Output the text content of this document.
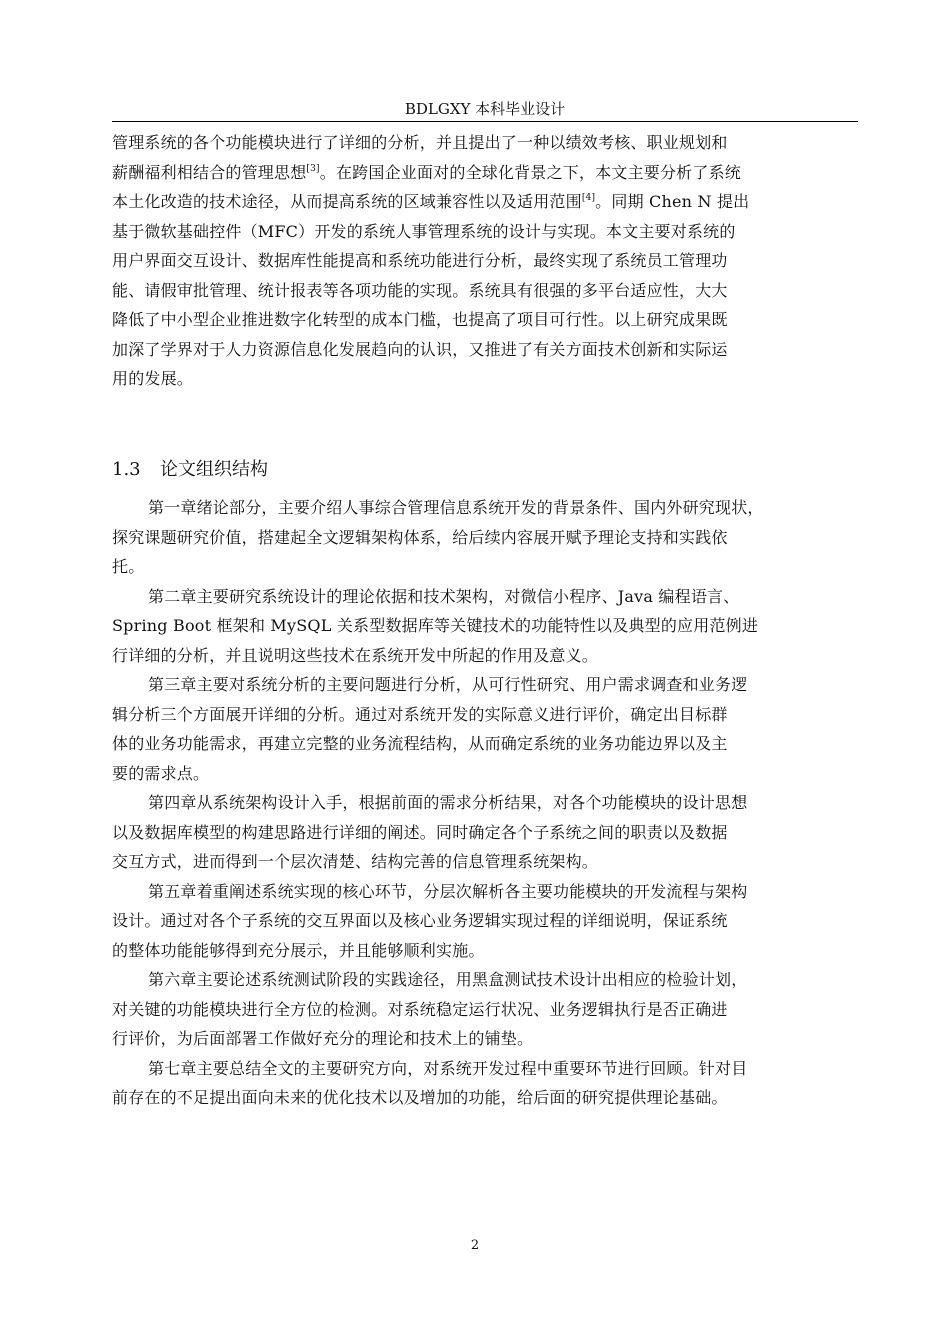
BDLGXY 本科毕业设计
管理系统的各个功能模块进行了详细的分析，并且提出了一种以绩效考核、职业规划和
薪酬福利相结合的管理思想[3]。在跨国企业面对的全球化背景之下，本文主要分析了系统
本土化改造的技术途径，从而提高系统的区域兼容性以及适用范围[4]。同期 Chen N 提出
基于微软基础控件（MFC）开发的系统人事管理系统的设计与实现。本文主要对系统的
用户界面交互设计、数据库性能提高和系统功能进行分析，最终实现了系统员工管理功
能、请假审批管理、统计报表等各项功能的实现。系统具有很强的多平台适应性，大大
降低了中小型企业推进数字化转型的成本门槛，也提高了项目可行性。以上研究成果既
加深了学界对于人力资源信息化发展趋向的认识，又推进了有关方面技术创新和实际运
用的发展。
1.3 论文组织结构
第一章绪论部分，主要介绍人事综合管理信息系统开发的背景条件、国内外研究现状，
探究课题研究价值，搭建起全文逻辑架构体系，给后续内容展开赋予理论支持和实践依
托。
第二章主要研究系统设计的理论依据和技术架构，对微信小程序、Java 编程语言、
Spring Boot 框架和 MySQL 关系型数据库等关键技术的功能特性以及典型的应用范例进
行详细的分析，并且说明这些技术在系统开发中所起的作用及意义。
第三章主要对系统分析的主要问题进行分析，从可行性研究、用户需求调查和业务逻
辑分析三个方面展开详细的分析。通过对系统开发的实际意义进行评价，确定出目标群
体的业务功能需求，再建立完整的业务流程结构，从而确定系统的业务功能边界以及主
要的需求点。
第四章从系统架构设计入手，根据前面的需求分析结果，对各个功能模块的设计思想
以及数据库模型的构建思路进行详细的阐述。同时确定各个子系统之间的职责以及数据
交互方式，进而得到一个层次清楚、结构完善的信息管理系统架构。
第五章着重阐述系统实现的核心环节，分层次解析各主要功能模块的开发流程与架构
设计。通过对各个子系统的交互界面以及核心业务逻辑实现过程的详细说明，保证系统
的整体功能能够得到充分展示，并且能够顺利实施。
第六章主要论述系统测试阶段的实践途径，用黑盒测试技术设计出相应的检验计划，
对关键的功能模块进行全方位的检测。对系统稳定运行状况、业务逻辑执行是否正确进
行评价，为后面部署工作做好充分的理论和技术上的铺垫。
第七章主要总结全文的主要研究方向，对系统开发过程中重要环节进行回顾。针对目
前存在的不足提出面向未来的优化技术以及增加的功能，给后面的研究提供理论基础。
2
